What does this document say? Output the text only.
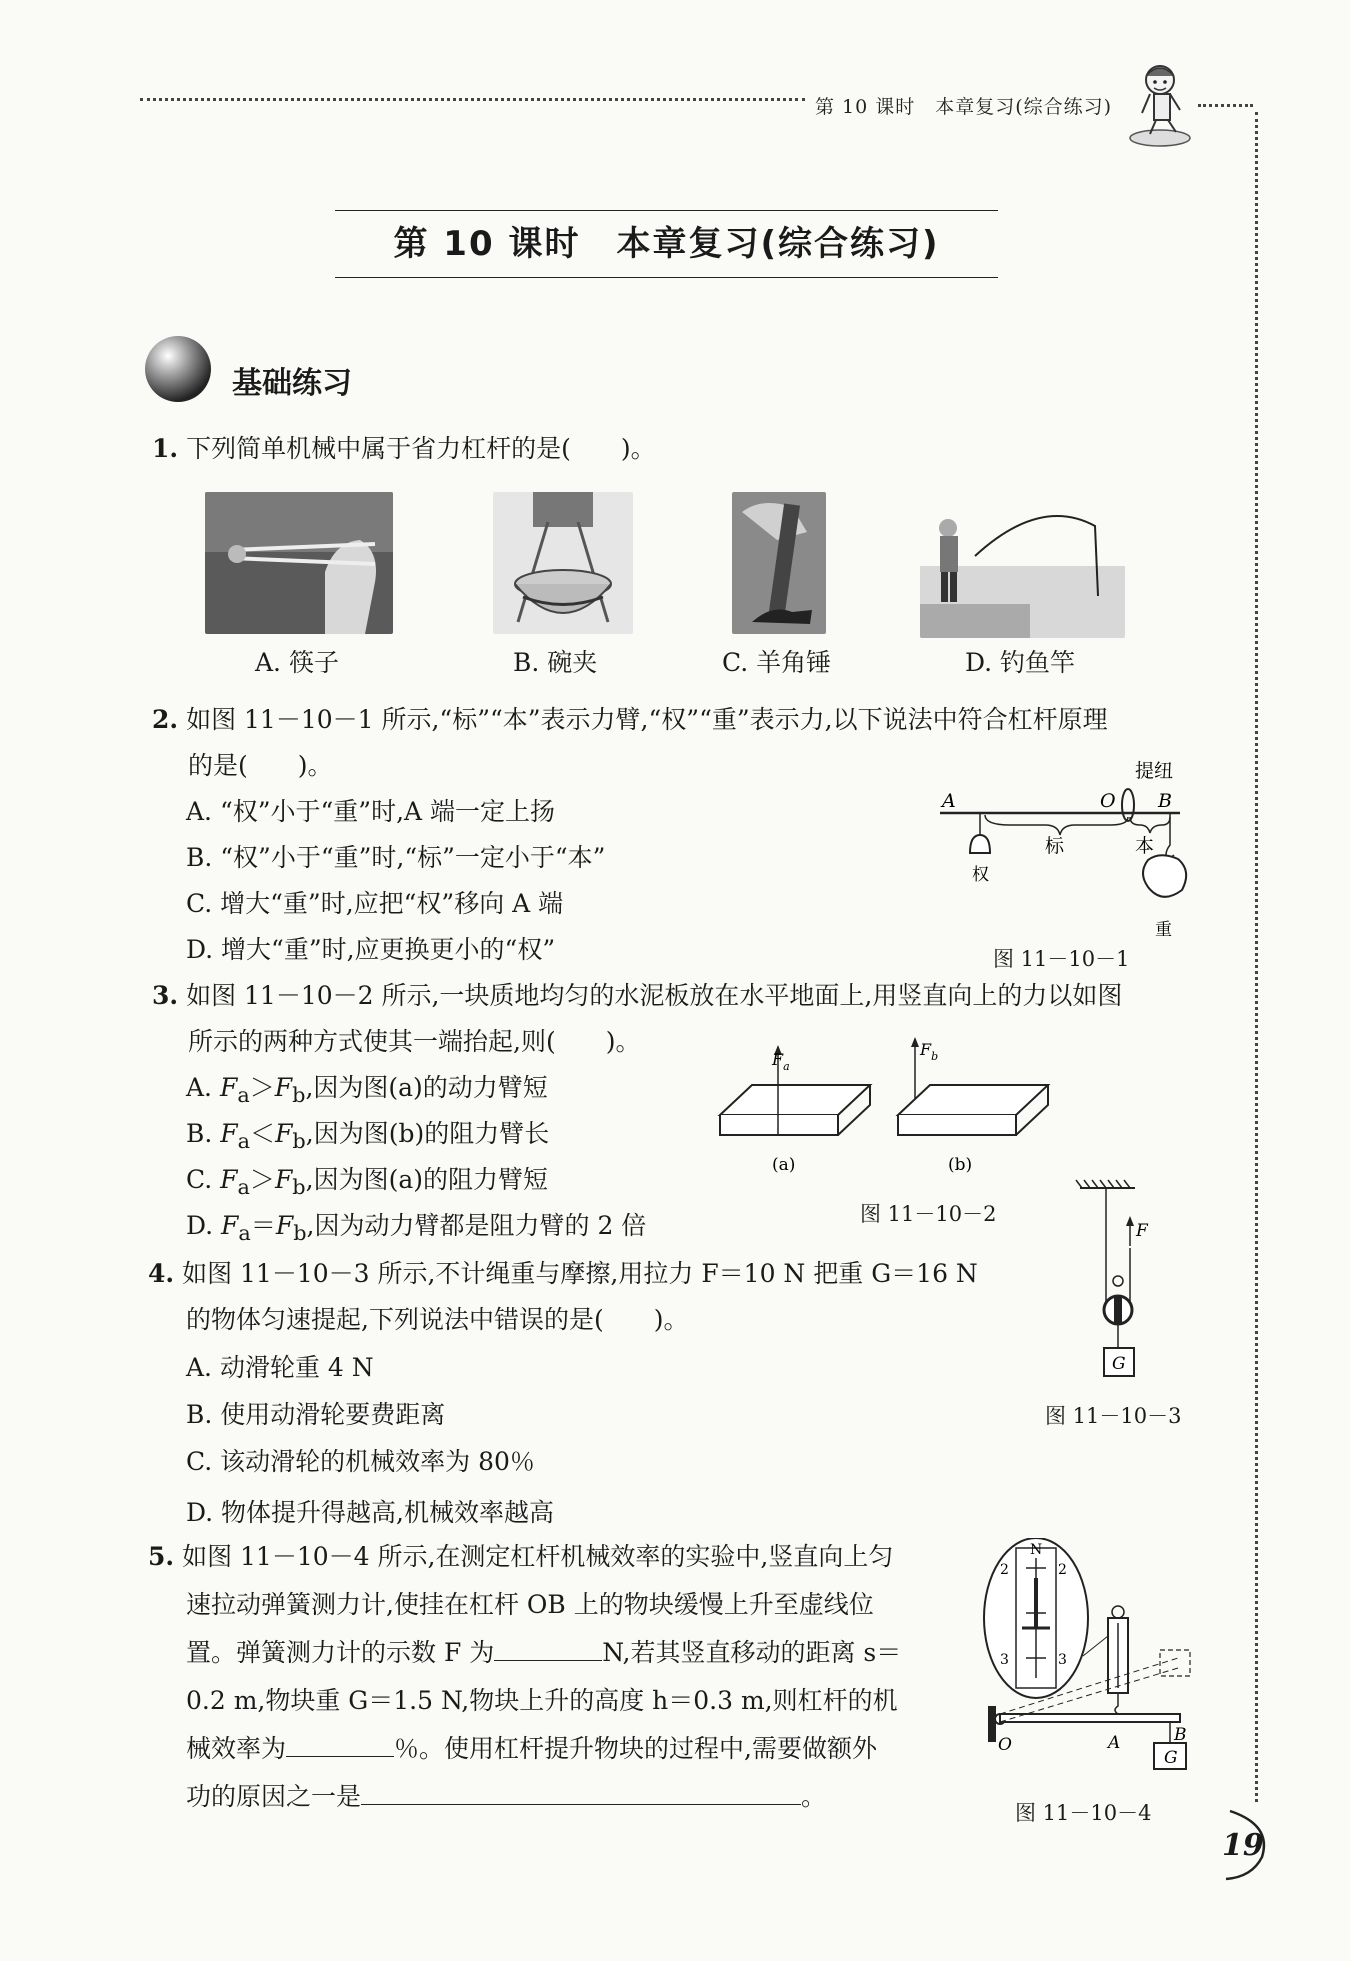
第 10 课时　本章复习(综合练习)
第 10 课时　本章复习(综合练习)
基础练习
1. 下列简单机械中属于省力杠杆的是(　　)。
A. 筷子	B. 碗夹	C. 羊角锤	D. 钓鱼竿
2. 如图 11－10－1 所示,“标”“本”表示力臂,“权”“重”表示力,以下说法中符合杠杆原理
的是(　　)。
A. “权”小于“重”时,A 端一定上扬
B. “权”小于“重”时,“标”一定小于“本”
C. 增大“重”时,应把“权”移向 A 端
D. 增大“重”时,应更换更小的“权”
A	O B
提纽
标	本
权
重
图 11－10－1
3. 如图 11－10－2 所示,一块质地均匀的水泥板放在水平地面上,用竖直向上的力以如图
所示的两种方式使其一端抬起,则(　　)。
A. $F_a>F_b$,因为图(a)的动力臂短
B. $F_a<F_b$,因为图(b)的阻力臂长
C. $F_a>F_b$,因为图(a)的阻力臂短
D. $F_a=F_b$,因为动力臂都是阻力臂的 2 倍
$F_a$
(a)
$F_b$
(b)
图 11－10－2
4. 如图 11－10－3 所示,不计绳重与摩擦,用拉力 F＝10 N 把重 G＝16 N
的物体匀速提起,下列说法中错误的是(　　)。
A. 动滑轮重 4 N
B. 使用动滑轮要费距离
C. 该动滑轮的机械效率为 80％
D. 物体提升得越高,机械效率越高
F
G
图 11－10－3
5. 如图 11－10－4 所示,在测定杠杆机械效率的实验中,竖直向上匀
速拉动弹簧测力计,使挂在杠杆 OB 上的物块缓慢上升至虚线位
置。弹簧测力计的示数 F 为	N,若其竖直移动的距离 s＝
0.2 m,物块重 G＝1.5 N,物块上升的高度 h＝0.3 m,则杠杆的机
械效率为	％。使用杠杆提升物块的过程中,需要做额外
功的原因之一是	。
2	2
N
3	3
G
O	A	B
图 11－10－4
19
